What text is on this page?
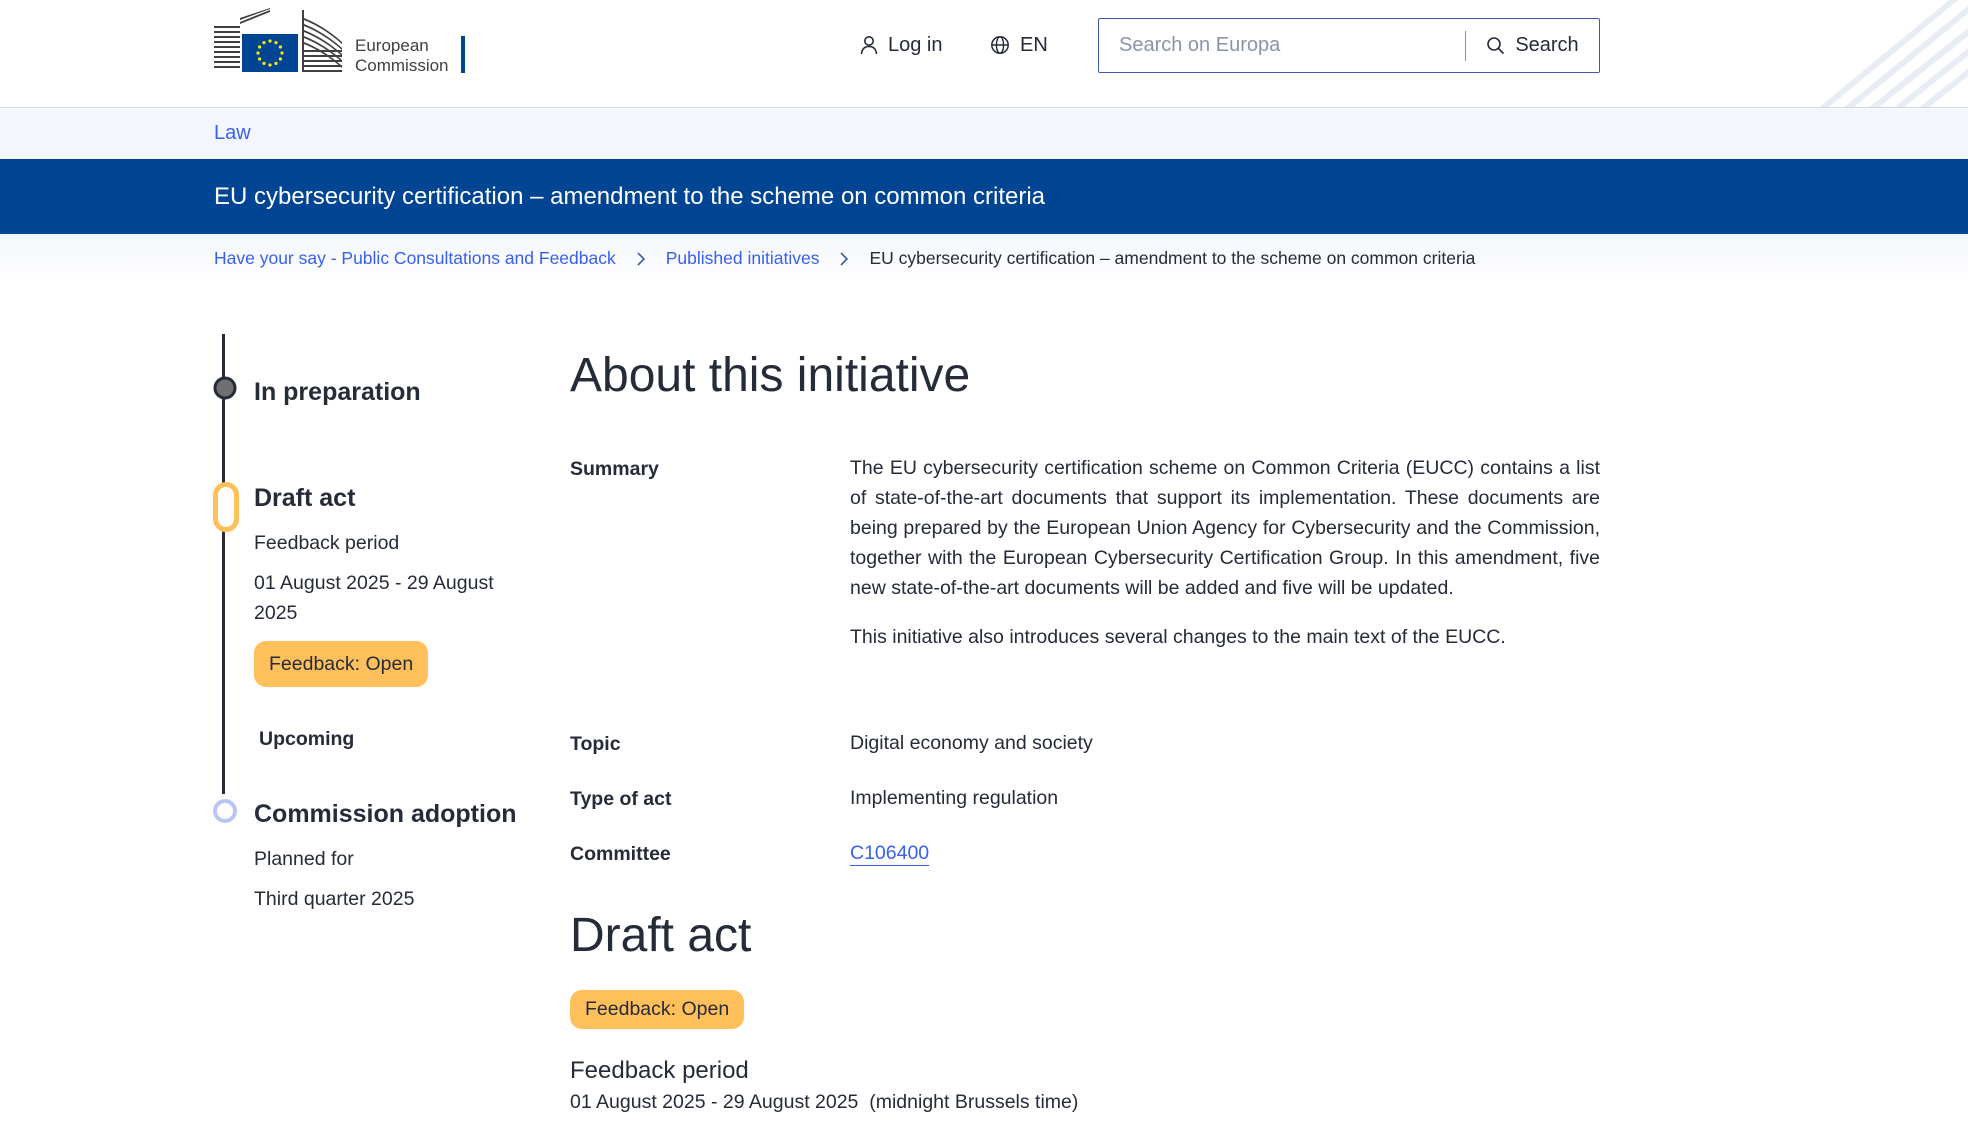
European
Commission
Log in	EN
Search on Europa	Search
Law
EU cybersecurity certification – amendment to the scheme on common criteria
Have your say - Public Consultations and Feedback	Published initiatives	EU cybersecurity certification – amendment to the scheme on common criteria
In preparation
Draft act
Feedback period
01 August 2025 - 29 August 2025
Feedback: Open
Upcoming
Commission adoption
Planned for
Third quarter 2025
About this initiative
Summary	The EU cybersecurity certification scheme on Common Criteria (EUCC) contains a list of state-of-the-art documents that support its implementation. These documents are being prepared by the European Union Agency for Cybersecurity and the Commission, together with the European Cybersecurity Certification Group. In this amendment, five new state-of-the-art documents will be added and five will be updated.

This initiative also introduces several changes to the main text of the EUCC.

Topic	Digital economy and society
Type of act	Implementing regulation
Committee	C106400
Draft act
Feedback: Open
Feedback period
01 August 2025 - 29 August 2025  (midnight Brussels time)
